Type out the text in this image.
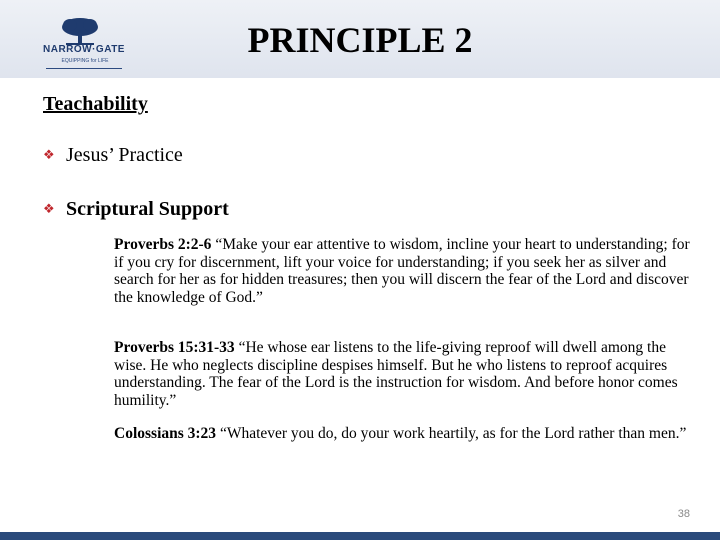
NARROW·GATE
EQUIPPING for LIFE
PRINCIPLE 2
Teachability
❖ Jesus’ Practice
❖ Scriptural Support
Proverbs 2:2-6 “Make your ear attentive to wisdom, incline your heart to understanding; for if you cry for discernment, lift your voice for understanding; if you seek her as silver and search for her as for hidden treasures; then you will discern the fear of the Lord and discover the knowledge of God.”
Proverbs 15:31-33 “He whose ear listens to the life-giving reproof will dwell among the wise. He who neglects discipline despises himself. But he who listens to reproof acquires understanding. The fear of the Lord is the instruction for wisdom. And before honor comes humility.”
Colossians 3:23 “Whatever you do, do your work heartily, as for the Lord rather than men.”
38
